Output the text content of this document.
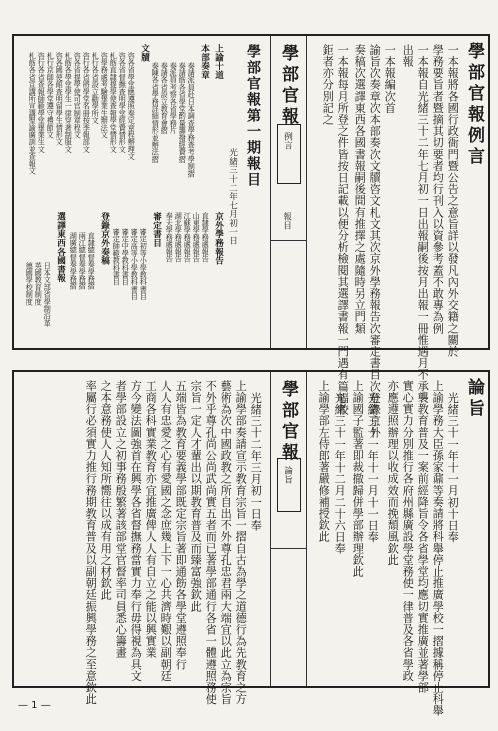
學部官報例言
一本報將各國行政衙門暨公告之意旨詳以發凡內外交籍之關於
學務要旨者暨摘其切要者均行刊入以資參考蓋不敢專為例
一本報自光緒三十二年七月初一日出報嗣後按月出報一冊惟遇月不
出報
一本報編次首
諭旨次奏章次本部奏次文牘咨文札文其次京外學務報告次審定書目次登錄京外
奏稿次選譯東西各國書報嗣後間有推擇之處隨時另立門類
一本報每月所登之件皆按日記載以便分析檢閱其選譯書報一門遇有篇幅較
鉅者亦分別記之
學部官報
例言
報目
學部官報第一期報目
光緒三十二年七月初一日
上諭十道
本部奏章
奏請派員赴日本調查學務查考學制摺
奏請飭各省學堂酌量籌撥經費摺
奏派員考察各省學務片
奏請各省設立教育會摺
奏陳各省學務詳細情形並辦法摺
文牘
咨各省學堂應遵照奏定章程辦理文
咨各省督撫查明學堂經費情形文
札飭直隸提學使查報學堂情形文
咨學務處考驗畢業生辦法文
札行各省設立勸學所文
咨行各省將學堂名冊按季報部文
咨各省提學使司官制章程文
札飭各學堂學生一律穿著制服文
咨各國使館查明留學生情形文
札行京師各學堂遵守禮節文
咨行各省查報師範學堂畢業生文
札飭各省宣講所宣講聖諭廣訓並查報文
京外學務報告
直隸學務處報告
山東學務處報告
江蘇學務處報告
湖北學務處報告
奉天學務處報告
審定書目
審定初等小學教科書目
審定高等小學教科書目
審定中學教科書目
審定師範教科書目
登錄京外奏稿
直隸總督奏學務摺
兩江總督奏學務摺
湖廣總督奏學務摺
選譯東西各國書報
日本文部省學制沿革
英國教育制度
德國學校制度
論旨
光緒三十一年十一月初十日奉
上諭學務大臣孫家鼐等奏請將科舉停止推廣學校一摺據稱停止科舉
承襲教育普及一案前經降旨令各省學堂均應切實推廣並著學部
實心實力分別推行各府州縣廣設學堂務使一律普及各省學政
亦應遵照辦理以收成效而挽頹風欽此
學部官報
論旨	光緒三十一年十一月十一日奉
上諭國子監著即裁撤歸併學部辦理欽此
光緒三十一年十二月二十六日奉
上諭學部左侍郎著嚴修補授欽此
光緒三十二年三月初一日奉
上諭學部奏請宣示教育宗旨一摺自古為學之道德行為先教育之方
藝術為次中國政教之所自出不外尊孔忠君兩大端宜以此立為宗旨
不外乎尊孔尚公尚武尚實五者而已著學部通行各省一體遵照務使
宗旨一定人才輩出以期教育普及而臻富強欽此
五端皆為教育要義學部既定宗旨著即通飭各學堂遵照奉行
人人有忠愛之心有愛國之念庶幾上下一心共濟時艱以副朝廷
工商各科實業教育亦宜推廣俾人人有自立之能以興實業
方今變法圖強首在興學各省督撫務當實力奉行毋得視為具文
者學部設立之初事務殷繁著該部堂官督率司員悉心籌畫
之本意務使人人知所嚮往以成有用之材欽此
率屬行必須實力推行務期教育普及以副朝廷振興學務之至意欽此
— 1 —
